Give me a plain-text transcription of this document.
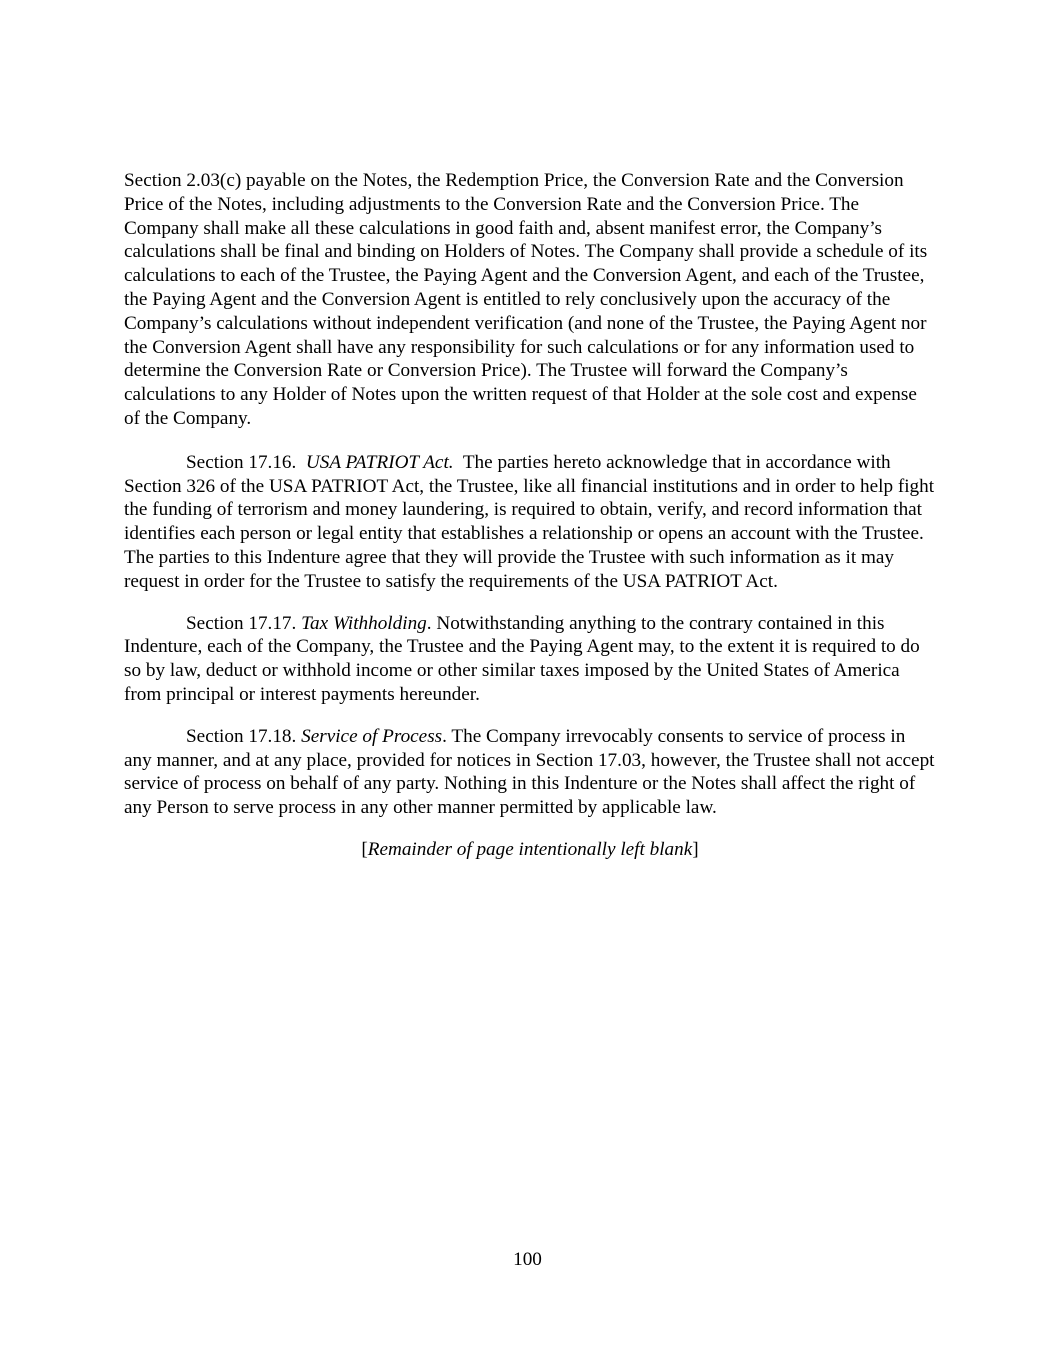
Section 2.03(c) payable on the Notes, the Redemption Price, the Conversion Rate and the Conversion Price of the Notes, including adjustments to the Conversion Rate and the Conversion Price. The Company shall make all these calculations in good faith and, absent manifest error, the Company’s calculations shall be final and binding on Holders of Notes. The Company shall provide a schedule of its calculations to each of the Trustee, the Paying Agent and the Conversion Agent, and each of the Trustee, the Paying Agent and the Conversion Agent is entitled to rely conclusively upon the accuracy of the Company’s calculations without independent verification (and none of the Trustee, the Paying Agent nor the Conversion Agent shall have any responsibility for such calculations or for any information used to determine the Conversion Rate or Conversion Price). The Trustee will forward the Company’s calculations to any Holder of Notes upon the written request of that Holder at the sole cost and expense of the Company.

Section 17.16. USA PATRIOT Act. The parties hereto acknowledge that in accordance with Section 326 of the USA PATRIOT Act, the Trustee, like all financial institutions and in order to help fight the funding of terrorism and money laundering, is required to obtain, verify, and record information that identifies each person or legal entity that establishes a relationship or opens an account with the Trustee. The parties to this Indenture agree that they will provide the Trustee with such information as it may request in order for the Trustee to satisfy the requirements of the USA PATRIOT Act.

Section 17.17. Tax Withholding. Notwithstanding anything to the contrary contained in this Indenture, each of the Company, the Trustee and the Paying Agent may, to the extent it is required to do so by law, deduct or withhold income or other similar taxes imposed by the United States of America from principal or interest payments hereunder.

Section 17.18. Service of Process. The Company irrevocably consents to service of process in any manner, and at any place, provided for notices in Section 17.03, however, the Trustee shall not accept service of process on behalf of any party. Nothing in this Indenture or the Notes shall affect the right of any Person to serve process in any other manner permitted by applicable law.

[Remainder of page intentionally left blank]

100
